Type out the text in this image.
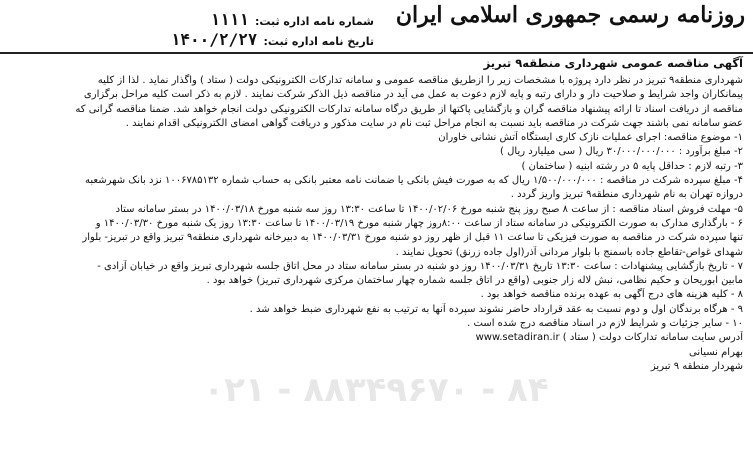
روزنامه رسمی جمهوری اسلامی ایران
شماره نامه اداره ثبت:
۱۱۱۱
تاریخ نامه اداره ثبت:
۱۴۰۰/۲/۲۷
آگهی مناقصه عمومی شهرداری منطقه۹ تبریز
شهرداری منطقه۹ تبریز در نظر دارد پروژه با مشخصات زیر را ازطریق مناقصه عمومی و سامانه تدارکات الکترونیکی دولت ( ستاد ) واگذار نماید . لذا از کلیه
پیمانکاران واجد شرایط و صلاحیت دار و دارای رتبه و پایه لازم دعوت به عمل می آید در مناقصه ذیل الذکر شرکت نمایند . لازم به ذکر است کلیه مراحل برگزاری
مناقصه از دریافت اسناد تا ارائه پیشنهاد مناقصه گران و بازگشایی پاکتها از طریق درگاه سامانه تدارکات الکترونیکی دولت انجام خواهد شد. ضمنا مناقصه گرانی که
عضو سامانه نمی باشند جهت شرکت در مناقصه باید نسبت به انجام مراحل ثبت نام در سایت مذکور و دریافت گواهی امضای الکترونیکی اقدام نمایند .
۱- موضوع مناقصه: اجرای عملیات نازک کاری ایستگاه آتش نشانی خاوران
۲- مبلغ برآورد : ۳۰/۰۰۰/۰۰۰/۰۰۰ ریال ( سی میلیارد ریال )
۳- رتبه لازم : حداقل پایه ۵ در رشته ابنیه ( ساختمان )
۴- مبلغ سپرده شرکت در مناقصه : ۱/۵۰۰/۰۰۰/۰۰۰ ریال که به صورت فیش بانکی یا ضمانت نامه معتبر بانکی به حساب شماره ۱۰۰۶۷۸۵۱۳۲ نزد بانک شهرشعبه
دروازه تهران به نام شهرداری منطقه۹ تبریز واریز گردد .
۵- مهلت فروش اسناد مناقصه : از ساعت ۸ صبح روز پنج شنبه مورخ ۱۴۰۰/۰۲/۰۶ تا ساعت ۱۳:۳۰ روز سه شنبه مورخ ۱۴۰۰/۰۳/۱۸ در بستر سامانه ستاد
۶ - بارگذاری مدارک به صورت الکترونیکی در سامانه ستاد از ساعت ۸:۰۰روز چهار شنبه مورخ ۱۴۰۰/۰۳/۱۹ تا ساعت ۱۳:۳۰ روز یک شنبه مورخ ۱۴۰۰/۰۳/۳۰ و
تنها سپرده شرکت در مناقصه به صورت فیزیکی تا ساعت ۱۱ قبل از ظهر روز دو شنبه مورخ ۱۴۰۰/۰۳/۳۱ به دبیرخانه شهرداری منطقه۹ تبریز واقع در تبریز- بلوار
شهدای غواص-تقاطع جاده باسمنج با بلوار مردانی آذر(اول جاده زرنق) تحویل نمایند .
۷ - تاریخ بازگشایی پیشنهادات : ساعت ۱۳:۳۰ تاریخ ۱۴۰۰/۰۳/۳۱ روز دو شنبه در بستر سامانه ستاد در محل اتاق جلسه شهرداری تبریز واقع در خیابان آزادی -
مابین ابوریحان و حکیم نظامی، نبش لاله زار جنوبی (واقع در اتاق جلسه شماره چهار ساختمان مرکزی شهرداری تبریز) خواهد بود .
۸ - کلیه هزینه های درج آگهی به عهده برنده مناقصه خواهد بود .
۹ - هرگاه برندگان اول و دوم نسبت به عقد قرارداد حاضر نشوند سپرده آنها به ترتیب به نفع شهرداری ضبط خواهد شد .
۱۰ - سایر جزئیات و شرایط لازم در اسناد مناقصه درج شده است .
آدرس سایت سامانه تدارکات دولت ( ستاد ) www.setadiran.ir
بهرام نسیانی
شهردار منطقه ۹ تبریز
۰۲۱ - ۸۸۳۴۹۶۷۰ - ۸۴
